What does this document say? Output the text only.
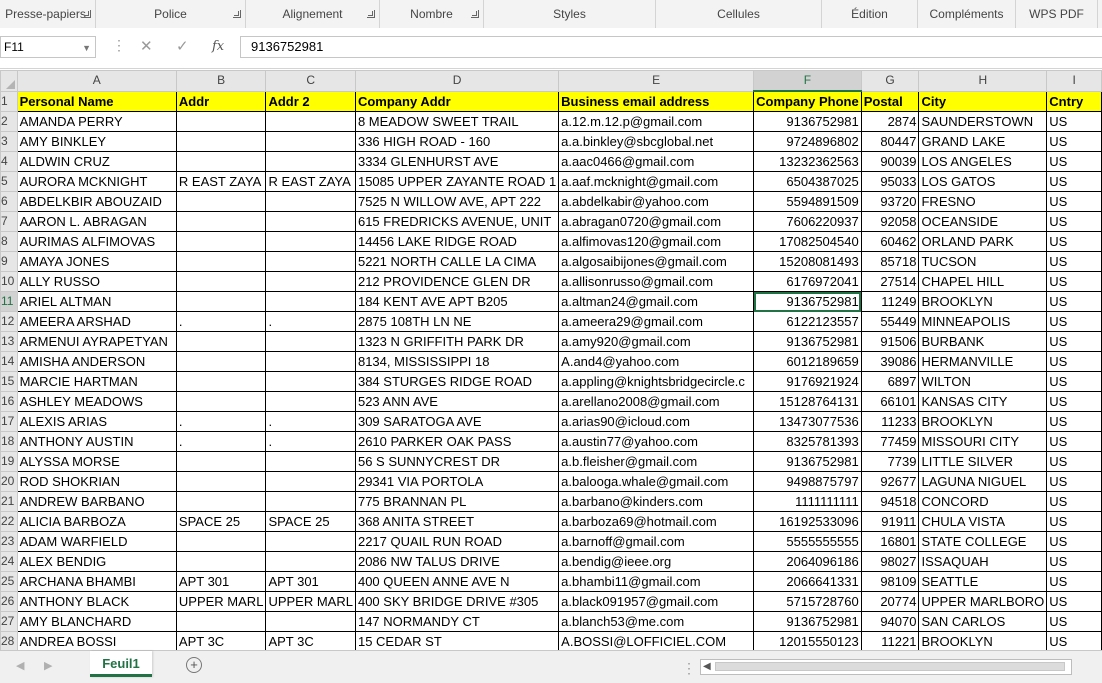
Presse-papiers	Police	Alignement	Nombre	Styles	Cellules	Édition	Compléments	WPS PDF
F11	▼ ⋮ ✕ ✓ fx	9136752981
	A	B	C	D	E	F	G	H	I
1	Personal Name	Addr	Addr 2	Company Addr	Business email address	Company Phone	Postal	City	Cntry
2	AMANDA PERRY			8 MEADOW SWEET TRAIL	a.12.m.12.p@gmail.com	9136752981	2874	SAUNDERSTOWN	US
3	AMY BINKLEY			336 HIGH ROAD - 160	a.a.binkley@sbcglobal.net	9724896802	80447	GRAND LAKE	US
4	ALDWIN CRUZ			3334 GLENHURST AVE	a.aac0466@gmail.com	13232362563	90039	LOS ANGELES	US
5	AURORA MCKNIGHT	R EAST ZAYA	R EAST ZAYA	15085 UPPER ZAYANTE ROAD 1	a.aaf.mcknight@gmail.com	6504387025	95033	LOS GATOS	US
6	ABDELKBIR ABOUZAID			7525 N WILLOW AVE, APT 222	a.abdelkabir@yahoo.com	5594891509	93720	FRESNO	US
7	AARON L. ABRAGAN			615 FREDRICKS AVENUE, UNIT	a.abragan0720@gmail.com	7606220937	92058	OCEANSIDE	US
8	AURIMAS ALFIMOVAS			14456 LAKE RIDGE ROAD	a.alfimovas120@gmail.com	17082504540	60462	ORLAND PARK	US
9	AMAYA JONES			5221 NORTH CALLE LA CIMA	a.algosaibijones@gmail.com	15208081493	85718	TUCSON	US
10	ALLY RUSSO			212 PROVIDENCE GLEN DR	a.allisonrusso@gmail.com	6176972041	27514	CHAPEL HILL	US
11	ARIEL ALTMAN			184 KENT AVE APT B205	a.altman24@gmail.com	9136752981	11249	BROOKLYN	US
12	AMEERA ARSHAD	.	.	2875 108TH LN NE	a.ameera29@gmail.com	6122123557	55449	MINNEAPOLIS	US
13	ARMENUI AYRAPETYAN			1323 N GRIFFITH PARK DR	a.amy920@gmail.com	9136752981	91506	BURBANK	US
14	AMISHA ANDERSON			8134, MISSISSIPPI 18	A.and4@yahoo.com	6012189659	39086	HERMANVILLE	US
15	MARCIE HARTMAN			384 STURGES RIDGE ROAD	a.appling@knightsbridgecircle.c	9176921924	6897	WILTON	US
16	ASHLEY MEADOWS			523 ANN AVE	a.arellano2008@gmail.com	15128764131	66101	KANSAS CITY	US
17	ALEXIS ARIAS	.	.	309 SARATOGA AVE	a.arias90@icloud.com	13473077536	11233	BROOKLYN	US
18	ANTHONY AUSTIN	.	.	2610 PARKER OAK PASS	a.austin77@yahoo.com	8325781393	77459	MISSOURI CITY	US
19	ALYSSA MORSE			56 S SUNNYCREST DR	a.b.fleisher@gmail.com	9136752981	7739	LITTLE SILVER	US
20	ROD SHOKRIAN			29341 VIA PORTOLA	a.balooga.whale@gmail.com	9498875797	92677	LAGUNA NIGUEL	US
21	ANDREW BARBANO			775 BRANNAN PL	a.barbano@kinders.com	1111111111	94518	CONCORD	US
22	ALICIA BARBOZA	SPACE 25	SPACE 25	368 ANITA STREET	a.barboza69@hotmail.com	16192533096	91911	CHULA VISTA	US
23	ADAM WARFIELD			2217 QUAIL RUN ROAD	a.barnoff@gmail.com	5555555555	16801	STATE COLLEGE	US
24	ALEX BENDIG			2086 NW TALUS DRIVE	a.bendig@ieee.org	2064096186	98027	ISSAQUAH	US
25	ARCHANA BHAMBI	APT 301	APT 301	400 QUEEN ANNE AVE N	a.bhambi11@gmail.com	2066641331	98109	SEATTLE	US
26	ANTHONY BLACK	UPPER MARL	UPPER MARL	400 SKY BRIDGE DRIVE #305	a.black091957@gmail.com	5715728760	20774	UPPER MARLBORO	US
27	AMY BLANCHARD			147 NORMANDY CT	a.blanch53@me.com	9136752981	94070	SAN CARLOS	US
28	ANDREA BOSSI	APT 3C	APT 3C	15 CEDAR ST	A.BOSSI@LOFFICIEL.COM	12015550123	11221	BROOKLYN	US
◀ ▶	Feuil1	+	⋮ ◀
